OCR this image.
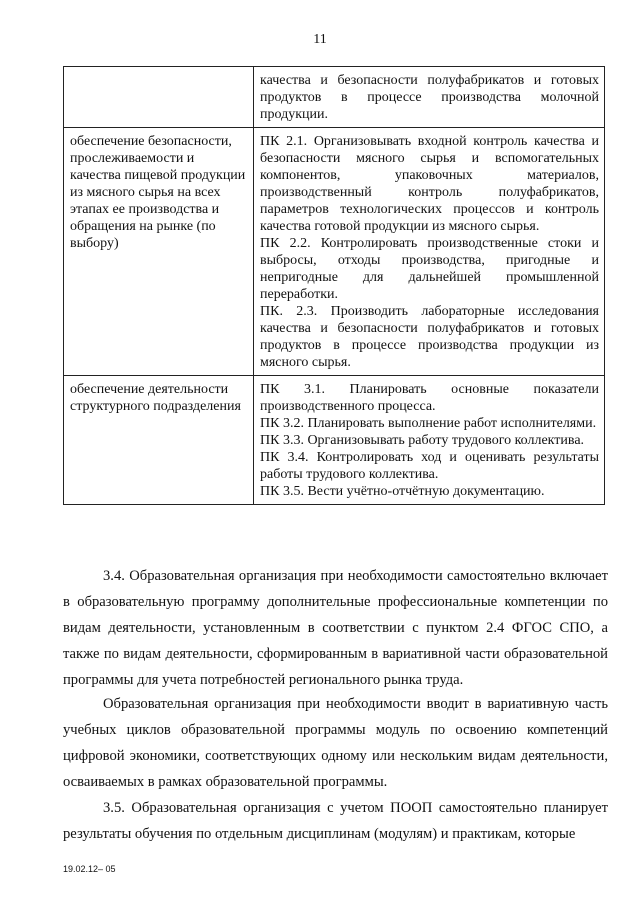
11

	качества и безопасности полуфабрикатов и готовых продуктов в процессе производства молочной продукции.

обеспечение безопасности, прослеживаемости и качества пищевой продукции из мясного сырья на всех этапах ее производства и обращения на рынке (по выбору)	ПК 2.1. Организовывать входной контроль качества и безопасности мясного сырья и вспомогательных компонентов, упаковочных материалов, производственный контроль полуфабрикатов, параметров технологических процессов и контроль качества готовой продукции из мясного сырья.
ПК 2.2. Контролировать производственные стоки и выбросы, отходы производства, пригодные и непригодные для дальнейшей промышленной переработки.
ПК. 2.3. Производить лабораторные исследования качества и безопасности полуфабрикатов и готовых продуктов в процессе производства продукции из мясного сырья.

обеспечение деятельности структурного подразделения	ПК 3.1. Планировать основные показатели производственного процесса.
ПК 3.2. Планировать выполнение работ исполнителями.
ПК 3.3. Организовывать работу трудового коллектива.
ПК 3.4. Контролировать ход и оценивать результаты работы трудового коллектива.
ПК 3.5. Вести учётно-отчётную документацию.

3.4. Образовательная организация при необходимости самостоятельно включает в образовательную программу дополнительные профессиональные компетенции по видам деятельности, установленным в соответствии с пунктом 2.4 ФГОС СПО, а также по видам деятельности, сформированным в вариативной части образовательной программы для учета потребностей регионального рынка труда.

Образовательная организация при необходимости вводит в вариативную часть учебных циклов образовательной программы модуль по освоению компетенций цифровой экономики, соответствующих одному или нескольким видам деятельности, осваиваемых в рамках образовательной программы.

3.5. Образовательная организация с учетом ПООП самостоятельно планирует результаты обучения по отдельным дисциплинам (модулям) и практикам, которые

19.02.12– 05
